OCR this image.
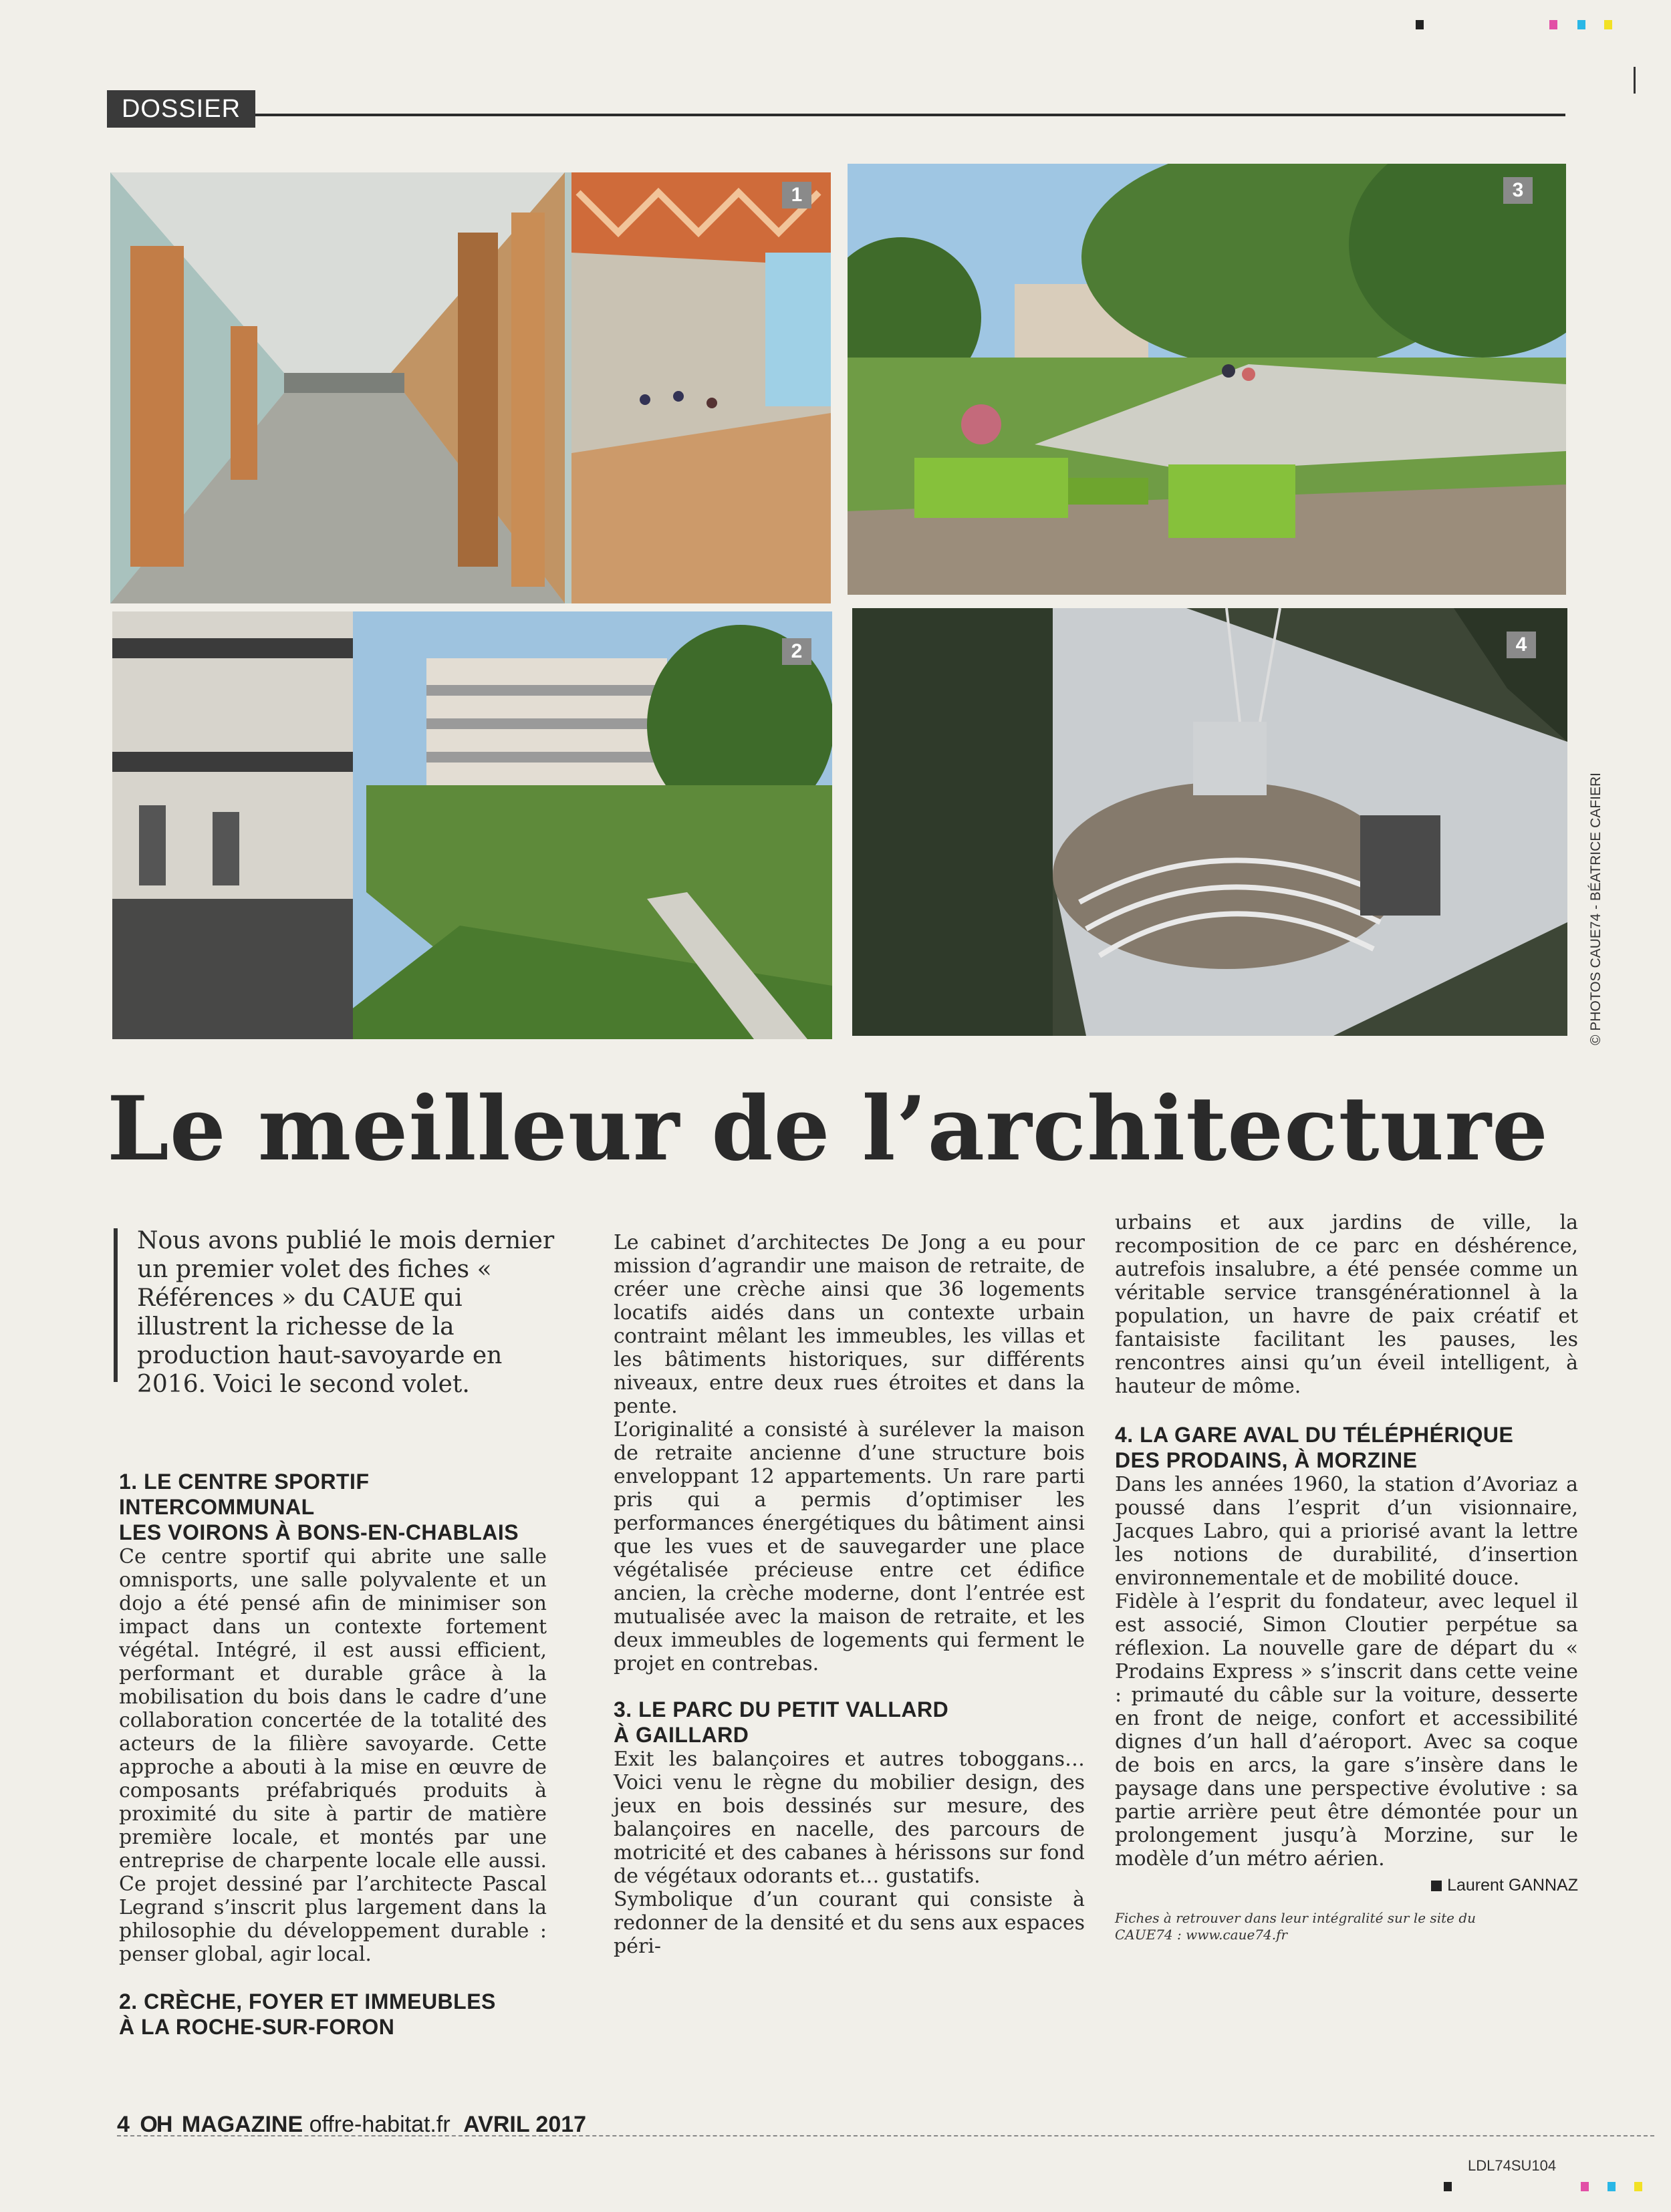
DOSSIER
1	3
2	4
© PHOTOS CAUE74 - BÉATRICE CAFIERI
Le meilleur de l’architecture
Nous avons publié le mois dernier un premier volet des fiches « Références » du CAUE qui illustrent la richesse de la production haut-savoyarde en 2016. Voici le second volet.
1. LE CENTRE SPORTIF INTERCOMMUNAL
LES VOIRONS À BONS-EN-CHABLAIS

Ce centre sportif qui abrite une salle omnisports, une salle polyvalente et un dojo a été pensé afin de minimiser son impact dans un contexte fortement végétal. Intégré, il est aussi efficient, performant et durable grâce à la mobilisation du bois dans le cadre d’une collaboration concertée de la totalité des acteurs de la filière savoyarde. Cette approche a abouti à la mise en œuvre de composants préfabriqués produits à proximité du site à partir de matière première locale, et montés par une entreprise de charpente locale elle aussi. Ce projet dessiné par l’architecte Pascal Legrand s’inscrit plus largement dans la philosophie du développement durable : penser global, agir local.

2. CRÈCHE, FOYER ET IMMEUBLES
À LA ROCHE-SUR-FORON

Le cabinet d’architectes De Jong a eu pour mission d’agrandir une maison de retraite, de créer une crèche ainsi que 36 logements locatifs aidés dans un contexte urbain contraint mêlant les immeubles, les villas et les bâtiments historiques, sur différents niveaux, entre deux rues étroites et dans la pente.

L’originalité a consisté à surélever la maison de retraite ancienne d’une structure bois enveloppant 12 appartements. Un rare parti pris qui a permis d’optimiser les performances énergétiques du bâtiment ainsi que les vues et de sauvegarder une place végétalisée précieuse entre cet édifice ancien, la crèche moderne, dont l’entrée est mutualisée avec la maison de retraite, et les deux immeubles de logements qui ferment le projet en contrebas.

3. LE PARC DU PETIT VALLARD
À GAILLARD

Exit les balançoires et autres toboggans… Voici venu le règne du mobilier design, des jeux en bois dessinés sur mesure, des balançoires en nacelle, des parcours de motricité et des cabanes à hérissons sur fond de végétaux odorants et… gustatifs.

Symbolique d’un courant qui consiste à redonner de la densité et du sens aux espaces péri-

urbains et aux jardins de ville, la recomposition de ce parc en déshérence, autrefois insalubre, a été pensée comme un véritable service transgénérationnel à la population, un havre de paix créatif et fantaisiste facilitant les pauses, les rencontres ainsi qu’un éveil intelligent, à hauteur de môme.

4. LA GARE AVAL DU TÉLÉPHÉRIQUE
DES PRODAINS, À MORZINE

Dans les années 1960, la station d’Avoriaz a poussé dans l’esprit d’un visionnaire, Jacques Labro, qui a priorisé avant la lettre les notions de durabilité, d’insertion environnementale et de mobilité douce.

Fidèle à l’esprit du fondateur, avec lequel il est associé, Simon Cloutier perpétue sa réflexion. La nouvelle gare de départ du « Prodains Express » s’inscrit dans cette veine : primauté du câble sur la voiture, desserte en front de neige, confort et accessibilité dignes d’un hall d’aéroport. Avec sa coque de bois en arcs, la gare s’insère dans le paysage dans une perspective évolutive : sa partie arrière peut être démontée pour un prolongement jusqu’à Morzine, sur le modèle d’un métro aérien.

Laurent GANNAZ

Fiches à retrouver dans leur intégralité sur le site du CAUE74 : www.caue74.fr

4 OH MAGAZINE offre-habitat.fr AVRIL 2017
LDL74SU104
